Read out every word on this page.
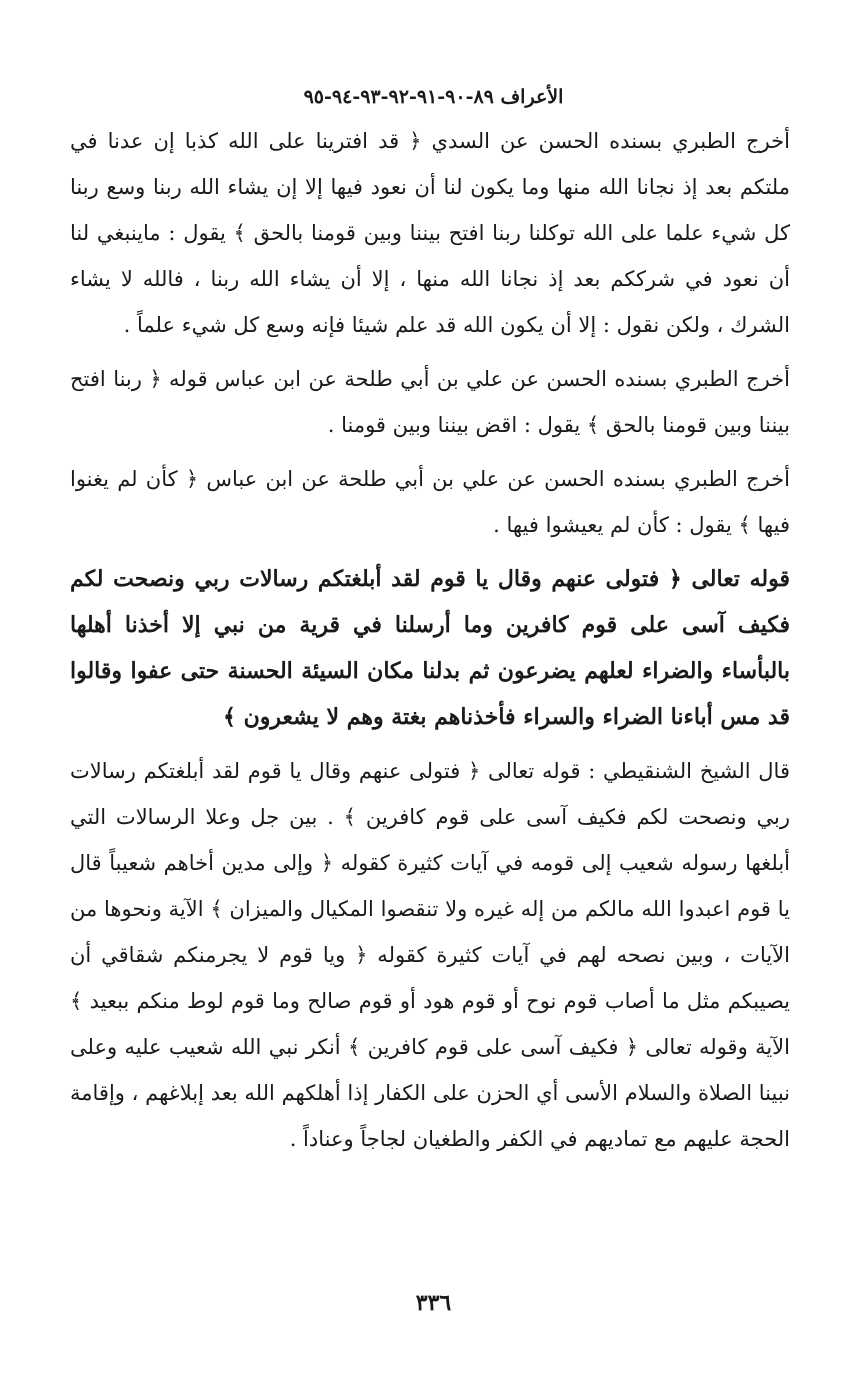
الأعراف ٨٩-٩٠-٩١-٩٢-٩٣-٩٤-٩٥

أخرج الطبري بسنده الحسن عن السدي ﴿ قد افترينا على الله كذبا إن عدنا في ملتكم بعد إذ نجانا الله منها وما يكون لنا أن نعود فيها إلا إن يشاء الله ربنا وسع ربنا كل شيء علما على الله توكلنا ربنا افتح بيننا وبين قومنا بالحق ﴾ يقول : ماينبغي لنا أن نعود في شرككم بعد إذ نجانا الله منها ، إلا أن يشاء الله ربنا ، فالله لا يشاء الشرك ، ولكن نقول : إلا أن يكون الله قد علم شيئا فإنه وسع كل شيء علماً .

أخرج الطبري بسنده الحسن عن علي بن أبي طلحة عن ابن عباس قوله ﴿ ربنا افتح بيننا وبين قومنا بالحق ﴾ يقول : اقض بيننا وبين قومنا .

أخرج الطبري بسنده الحسن عن علي بن أبي طلحة عن ابن عباس ﴿ كأن لم يغنوا فيها ﴾ يقول : كأن لم يعيشوا فيها .

قوله تعالى ﴿ فتولى عنهم وقال يا قوم لقد أبلغتكم رسالات ربي ونصحت لكم فكيف آسى على قوم كافرين وما أرسلنا في قرية من نبي إلا أخذنا أهلها بالبأساء والضراء لعلهم يضرعون ثم بدلنا مكان السيئة الحسنة حتى عفوا وقالوا قد مس أباءنا الضراء والسراء فأخذناهم بغتة وهم لا يشعرون ﴾

قال الشيخ الشنقيطي : قوله تعالى ﴿ فتولى عنهم وقال يا قوم لقد أبلغتكم رسالات ربي ونصحت لكم فكيف آسى على قوم كافرين ﴾ . بين جل وعلا الرسالات التي أبلغها رسوله شعيب إلى قومه في آيات كثيرة كقوله ﴿ وإلى مدين أخاهم شعيباً قال يا قوم اعبدوا الله مالكم من إله غيره ولا تنقصوا المكيال والميزان ﴾ الآية ونحوها من الآيات ، وبين نصحه لهم في آيات كثيرة كقوله ﴿ ويا قوم لا يجرمنكم شقاقي أن يصيبكم مثل ما أصاب قوم نوح أو قوم هود أو قوم صالح وما قوم لوط منكم ببعيد ﴾ الآية وقوله تعالى ﴿ فكيف آسى على قوم كافرين ﴾ أنكر نبي الله شعيب عليه وعلى نبينا الصلاة والسلام الأسى أي الحزن على الكفار إذا أهلكهم الله بعد إبلاغهم ، وإقامة الحجة عليهم مع تماديهم في الكفر والطغيان لجاجاً وعناداً .

٣٣٦
